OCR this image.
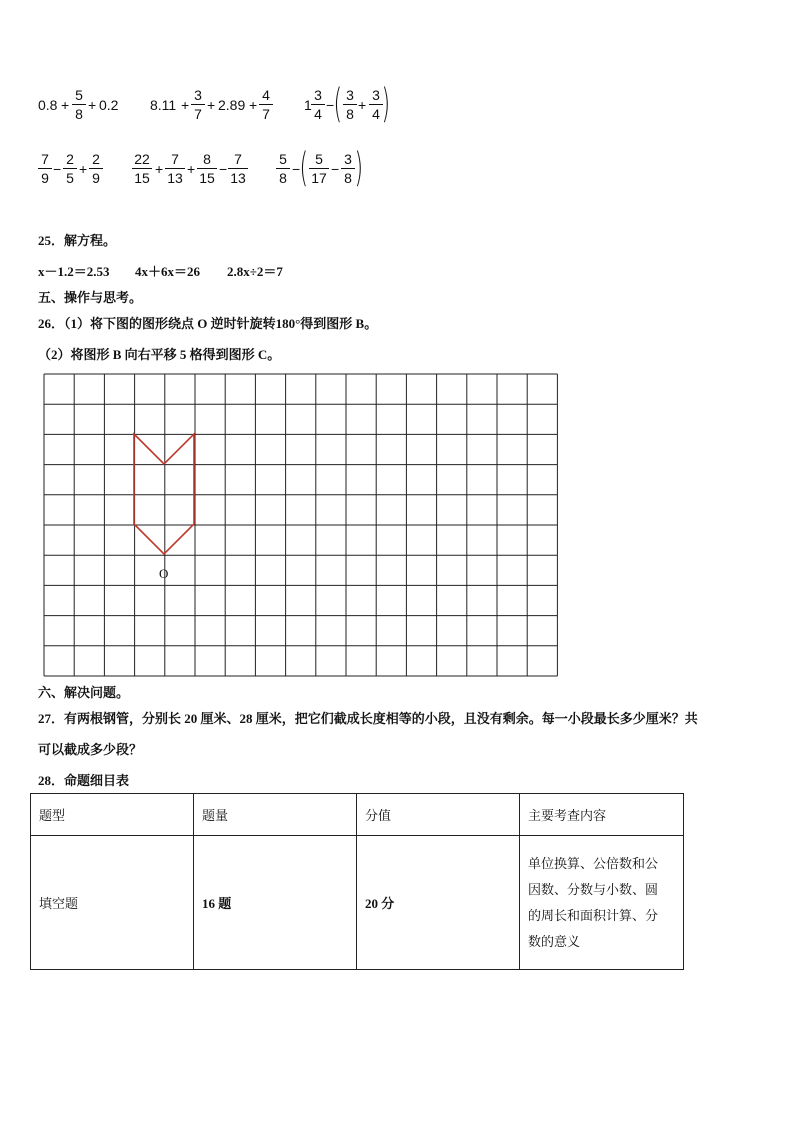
0.8 +
5
8
+ 0.2 8.11 +
3
7
+ 2.89 +
4
7
1
3
4
− ( 3
8
+
3
4 )
7
9
−
2
5
+
2
9
22
15
+
7
13
+
8
15
−
7
13
5
8
− ( 5
17
−
3
8 )
25．解方程。
x－1.2＝2.53 4x＋6x＝26 2.8x÷2＝7
五、操作与思考。
26．（1）将下图的图形绕点 O 逆时针旋转180°得到图形 B。
（2）将图形 B 向右平移 5 格得到图形 C。
O
六、解决问题。
27．有两根钢管，分别长 20 厘米、28 厘米，把它们截成长度相等的小段，且没有剩余。每一小段最长多少厘米？共
可以截成多少段？
28．命题细目表
题型	题量	分值	主要考查内容
填空题	16 题	20 分	单位换算、公倍数和公
因数、分数与小数、圆
的周长和面积计算、分
数的意义
